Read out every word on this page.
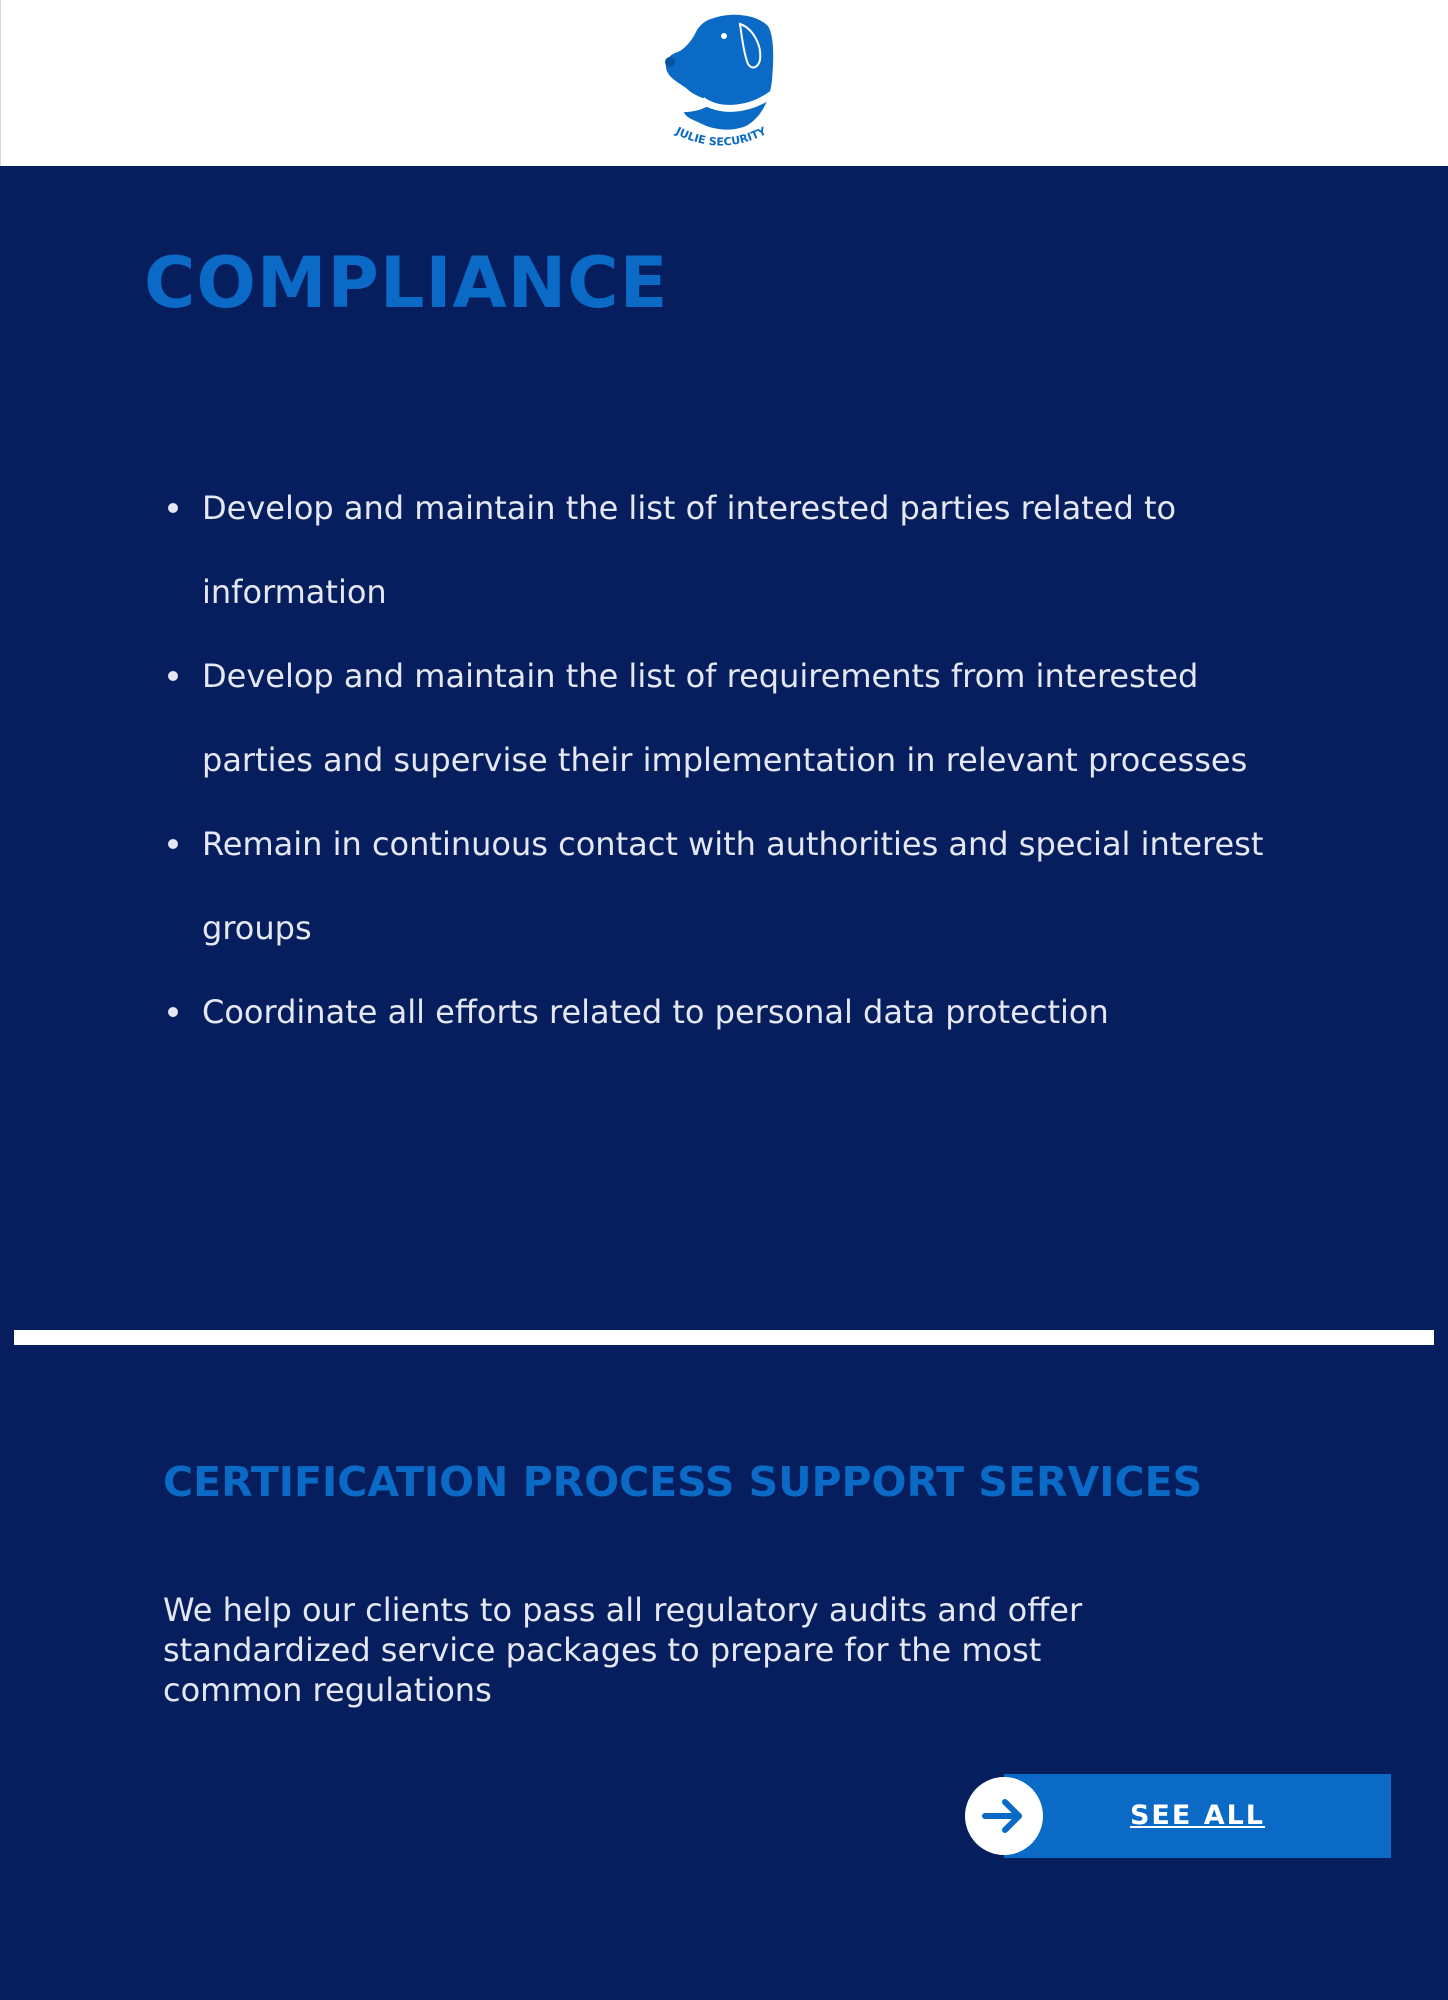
JULIE SECURITY
COMPLIANCE
Develop and maintain the list of interested parties related to information
Develop and maintain the list of requirements from interested parties and supervise their implementation in relevant processes
Remain in continuous contact with authorities and special interest groups
Coordinate all efforts related to personal data protection
CERTIFICATION PROCESS SUPPORT SERVICES

We help our clients to pass all regulatory audits and offer standardized service packages to prepare for the most common regulations

SEE ALL
